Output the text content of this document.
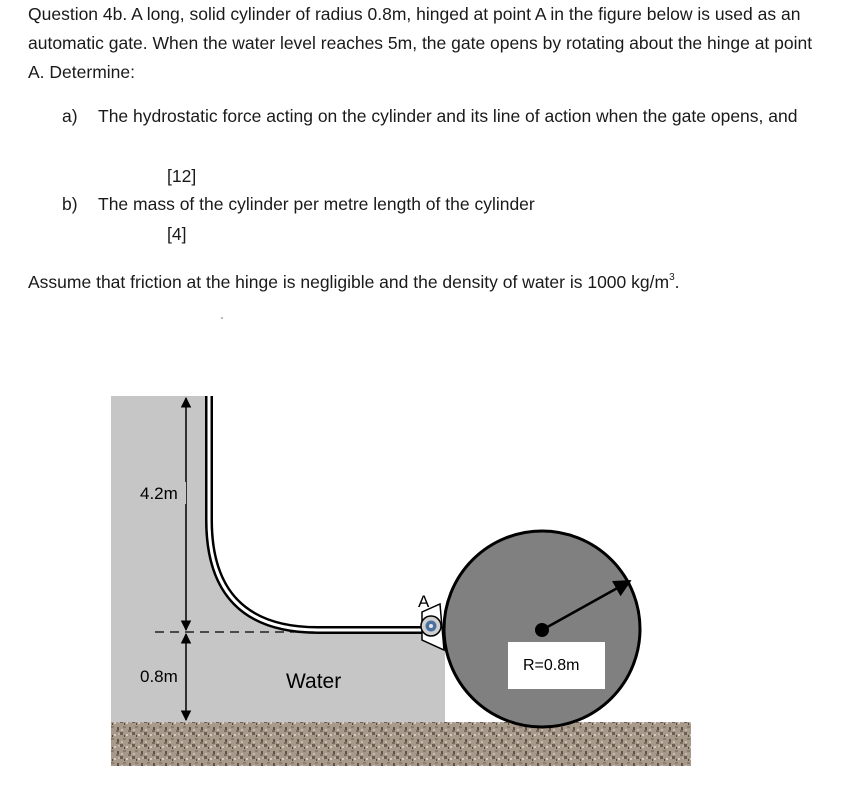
Question 4b. A long, solid cylinder of radius 0.8m, hinged at point A in the figure below is used as an automatic gate. When the water level reaches 5m, the gate opens by rotating about the hinge at point A. Determine:

a) The hydrostatic force acting on the cylinder and its line of action when the gate opens, and
[12]
b) The mass of the cylinder per metre length of the cylinder
[4]
Assume that friction at the hinge is negligible and the density of water is 1000 $kg/m^3$.
4.2m
0.8m	Water
A
R=0.8m
